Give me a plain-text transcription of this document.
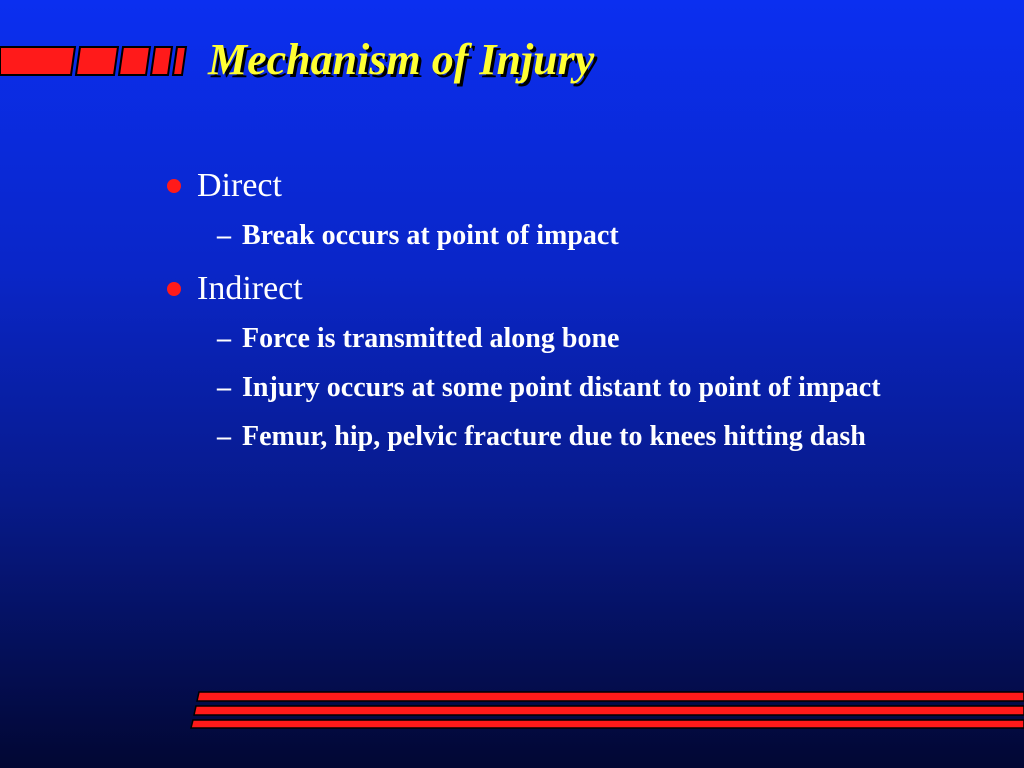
Mechanism of Injury

Direct

– Break occurs at point of impact

Indirect

– Force is transmitted along bone

– Injury occurs at some point distant to point of impact

– Femur, hip, pelvic fracture due to knees hitting dash
